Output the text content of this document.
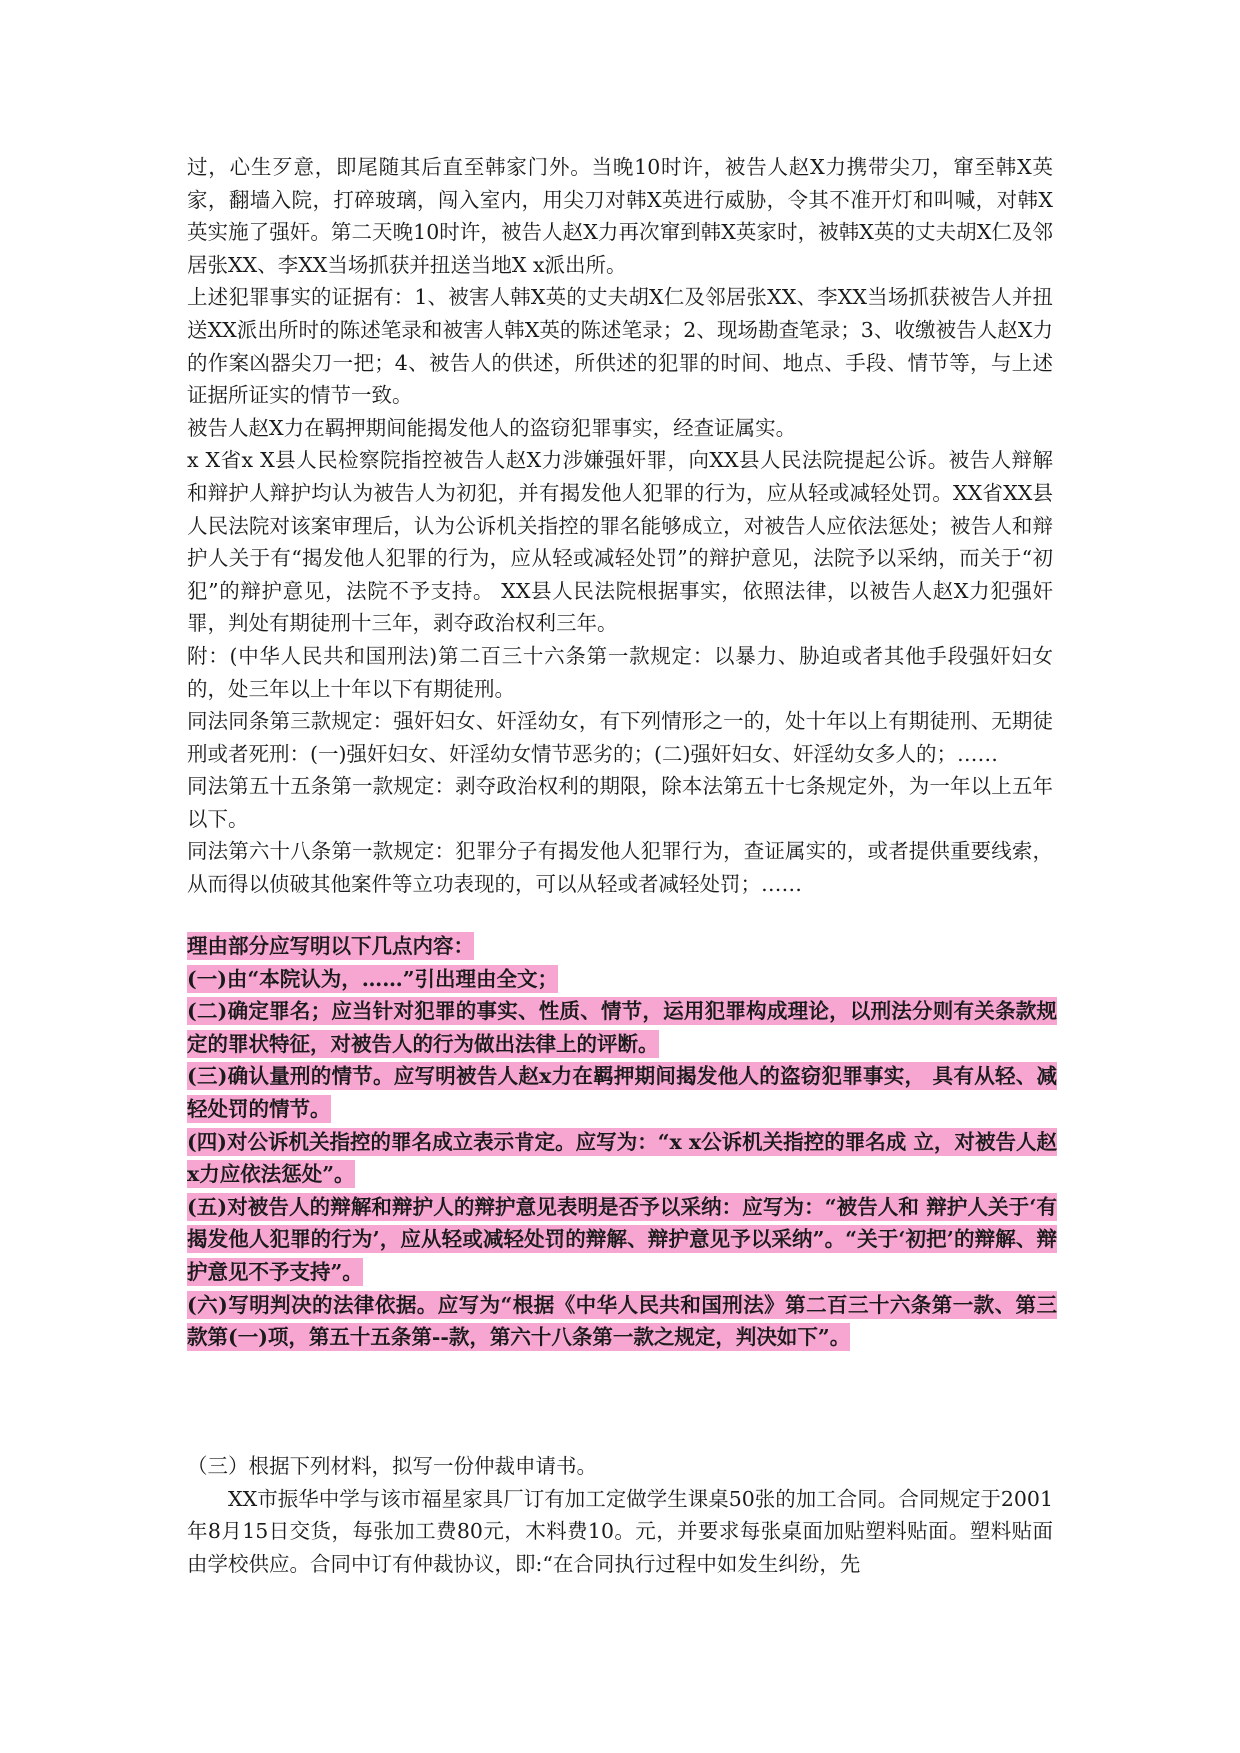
过，心生歹意，即尾随其后直至韩家门外。当晚10时许，被告人赵X力携带尖刀，窜至韩X英家，翻墙入院，打碎玻璃，闯入室内，用尖刀对韩X英进行威胁，令其不准开灯和叫喊，对韩X英实施了强奸。第二天晚10时许，被告人赵X力再次窜到韩X英家时，被韩X英的丈夫胡X仁及邻居张XX、李XX当场抓获并扭送当地X x派出所。

上述犯罪事实的证据有：1、被害人韩X英的丈夫胡X仁及邻居张XX、李XX当场抓获被告人并扭送XX派出所时的陈述笔录和被害人韩X英的陈述笔录；2、现场勘查笔录；3、收缴被告人赵X力的作案凶器尖刀一把；4、被告人的供述，所供述的犯罪的时间、地点、手段、情节等，与上述证据所证实的情节一致。

被告人赵X力在羁押期间能揭发他人的盗窃犯罪事实，经查证属实。

x X省x X县人民检察院指控被告人赵X力涉嫌强奸罪，向XX县人民法院提起公诉。被告人辩解和辩护人辩护均认为被告人为初犯，并有揭发他人犯罪的行为，应从轻或减轻处罚。XX省XX县人民法院对该案审理后，认为公诉机关指控的罪名能够成立，对被告人应依法惩处；被告人和辩护人关于有“揭发他人犯罪的行为，应从轻或减轻处罚”的辩护意见，法院予以采纳，而关于“初犯”的辩护意见，法院不予支持。 XX县人民法院根据事实，依照法律，以被告人赵X力犯强奸罪，判处有期徒刑十三年，剥夺政治权利三年。

附：(中华人民共和国刑法)第二百三十六条第一款规定：以暴力、胁迫或者其他手段强奸妇女的，处三年以上十年以下有期徒刑。

同法同条第三款规定：强奸妇女、奸淫幼女，有下列情形之一的，处十年以上有期徒刑、无期徒刑或者死刑：(一)强奸妇女、奸淫幼女情节恶劣的；(二)强奸妇女、奸淫幼女多人的；……

同法第五十五条第一款规定：剥夺政治权利的期限，除本法第五十七条规定外，为一年以上五年以下。

同法第六十八条第一款规定：犯罪分子有揭发他人犯罪行为，查证属实的，或者提供重要线索，从而得以侦破其他案件等立功表现的，可以从轻或者减轻处罚；……

理由部分应写明以下几点内容：

(一)由“本院认为，……”引出理由全文；

(二)确定罪名；应当针对犯罪的事实、性质、情节，运用犯罪构成理论，以刑法分则有关条款规定的罪状特征，对被告人的行为做出法律上的评断。

(三)确认量刑的情节。应写明被告人赵x力在羁押期间揭发他人的盗窃犯罪事实， 具有从轻、减轻处罚的情节。

(四)对公诉机关指控的罪名成立表示肯定。应写为：“x x公诉机关指控的罪名成 立，对被告人赵x力应依法惩处”。

(五)对被告人的辩解和辩护人的辩护意见表明是否予以采纳：应写为：“被告人和 辩护人关于‘有揭发他人犯罪的行为’，应从轻或减轻处罚的辩解、辩护意见予以采纳”。“关于‘初把’的辩解、辩护意见不予支持”。

(六)写明判决的法律依据。应写为“根据《中华人民共和国刑法》第二百三十六条第一款、第三款第(一)项，第五十五条第--款，第六十八条第一款之规定，判决如下”。

（三）根据下列材料，拟写一份仲裁申请书。

XX市振华中学与该市福星家具厂订有加工定做学生课桌50张的加工合同。合同规定于2001年8月15日交货，每张加工费80元，木料费10。元，并要求每张桌面加贴塑料贴面。塑料贴面由学校供应。合同中订有仲裁协议，即:“在合同执行过程中如发生纠纷，先
